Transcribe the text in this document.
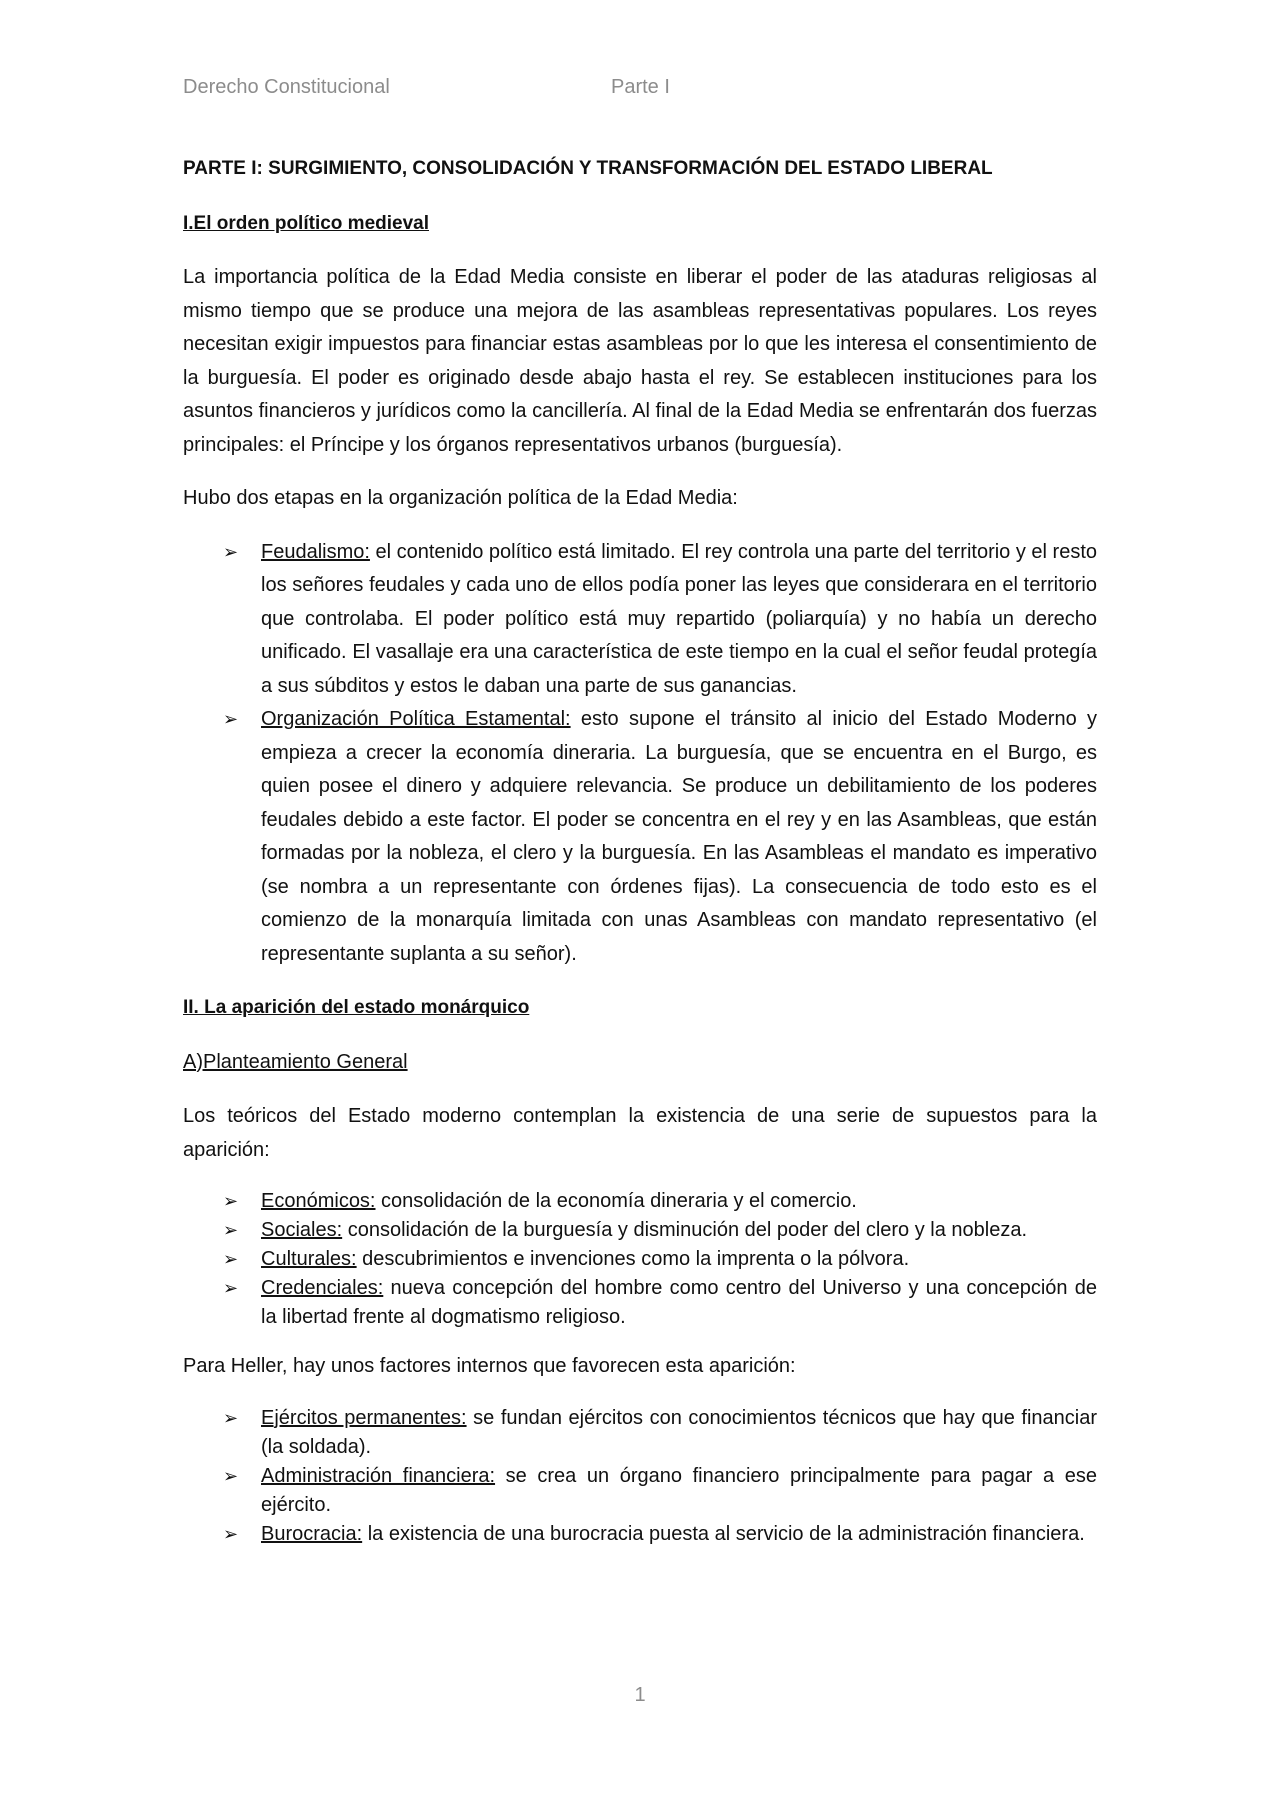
Derecho Constitucional	Parte I

PARTE I: SURGIMIENTO, CONSOLIDACIÓN Y TRANSFORMACIÓN DEL ESTADO LIBERAL

I.El orden político medieval

La importancia política de la Edad Media consiste en liberar el poder de las ataduras religiosas al mismo tiempo que se produce una mejora de las asambleas representativas populares. Los reyes necesitan exigir impuestos para financiar estas asambleas por lo que les interesa el consentimiento de la burguesía. El poder es originado desde abajo hasta el rey. Se establecen instituciones para los asuntos financieros y jurídicos como la cancillería. Al final de la Edad Media se enfrentarán dos fuerzas principales: el Príncipe y los órganos representativos urbanos (burguesía).

Hubo dos etapas en la organización política de la Edad Media:

➢ Feudalismo: el contenido político está limitado. El rey controla una parte del territorio y el resto los señores feudales y cada uno de ellos podía poner las leyes que considerara en el territorio que controlaba. El poder político está muy repartido (poliarquía) y no había un derecho unificado. El vasallaje era una característica de este tiempo en la cual el señor feudal protegía a sus súbditos y estos le daban una parte de sus ganancias.
➢ Organización Política Estamental: esto supone el tránsito al inicio del Estado Moderno y empieza a crecer la economía dineraria. La burguesía, que se encuentra en el Burgo, es quien posee el dinero y adquiere relevancia. Se produce un debilitamiento de los poderes feudales debido a este factor. El poder se concentra en el rey y en las Asambleas, que están formadas por la nobleza, el clero y la burguesía. En las Asambleas el mandato es imperativo (se nombra a un representante con órdenes fijas). La consecuencia de todo esto es el comienzo de la monarquía limitada con unas Asambleas con mandato representativo (el representante suplanta a su señor).

II. La aparición del estado monárquico

A)Planteamiento General

Los teóricos del Estado moderno contemplan la existencia de una serie de supuestos para la aparición:

➢ Económicos: consolidación de la economía dineraria y el comercio.
➢ Sociales: consolidación de la burguesía y disminución del poder del clero y la nobleza.
➢ Culturales: descubrimientos e invenciones como la imprenta o la pólvora.
➢ Credenciales: nueva concepción del hombre como centro del Universo y una concepción de la libertad frente al dogmatismo religioso.

Para Heller, hay unos factores internos que favorecen esta aparición:

➢ Ejércitos permanentes: se fundan ejércitos con conocimientos técnicos que hay que financiar (la soldada).
➢ Administración financiera: se crea un órgano financiero principalmente para pagar a ese ejército.
➢ Burocracia: la existencia de una burocracia puesta al servicio de la administración financiera.
1
